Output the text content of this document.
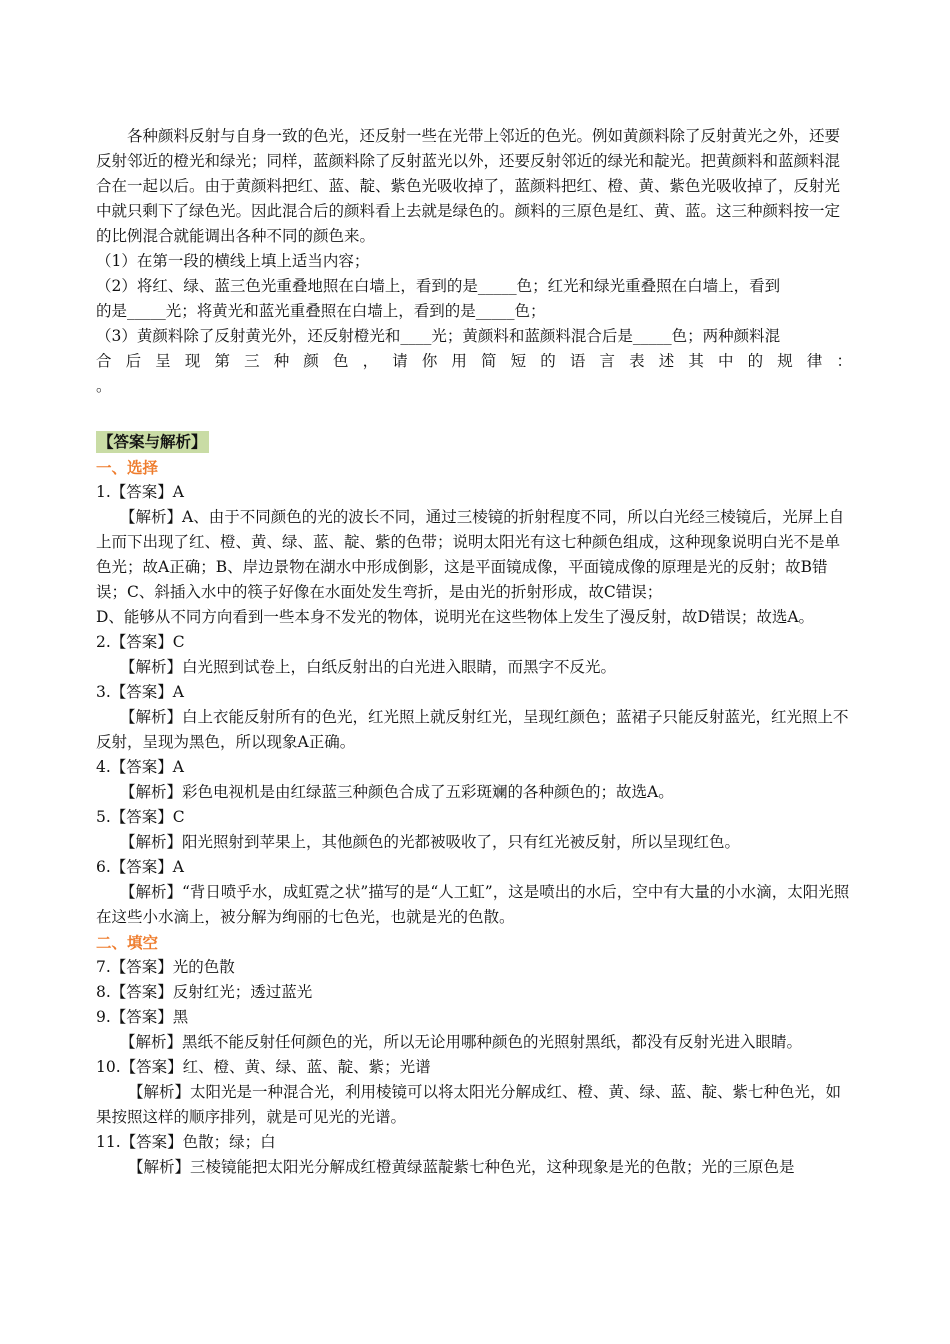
各种颜料反射与自身一致的色光，还反射一些在光带上邻近的色光。例如黄颜料除了反射黄光之外，还要反射邻近的橙光和绿光；同样，蓝颜料除了反射蓝光以外，还要反射邻近的绿光和靛光。把黄颜料和蓝颜料混合在一起以后。由于黄颜料把红、蓝、靛、紫色光吸收掉了，蓝颜料把红、橙、黄、紫色光吸收掉了，反射光中就只剩下了绿色光。因此混合后的颜料看上去就是绿色的。颜料的三原色是红、黄、蓝。这三种颜料按一定的比例混合就能调出各种不同的颜色来。

（1）在第一段的横线上填上适当内容；

（2）将红、绿、蓝三色光重叠地照在白墙上，看到的是_____色；红光和绿光重叠照在白墙上，看到

的是_____光；将黄光和蓝光重叠照在白墙上，看到的是_____色；

（3）黄颜料除了反射黄光外，还反射橙光和____光；黄颜料和蓝颜料混合后是_____色；两种颜料混

合后呈现第三种颜色，请你用简短的语言表述其中的规律：

。

【答案与解析】

一、选择

1.【答案】A

【解析】A、由于不同颜色的光的波长不同，通过三棱镜的折射程度不同，所以白光经三棱镜后，光屏上自上而下出现了红、橙、黄、绿、蓝、靛、紫的色带；说明太阳光有这七种颜色组成，这种现象说明白光不是单色光；故A正确；B、岸边景物在湖水中形成倒影，这是平面镜成像，平面镜成像的原理是光的反射；故B错误；C、斜插入水中的筷子好像在水面处发生弯折，是由光的折射形成，故C错误；

D、能够从不同方向看到一些本身不发光的物体，说明光在这些物体上发生了漫反射，故D错误；故选A。

2.【答案】C

【解析】白光照到试卷上，白纸反射出的白光进入眼睛，而黑字不反光。

3.【答案】A

【解析】白上衣能反射所有的色光，红光照上就反射红光，呈现红颜色；蓝裙子只能反射蓝光，红光照上不反射，呈现为黑色，所以现象A正确。

4.【答案】A

【解析】彩色电视机是由红绿蓝三种颜色合成了五彩斑斓的各种颜色的；故选A。

5.【答案】C

【解析】阳光照射到苹果上，其他颜色的光都被吸收了，只有红光被反射，所以呈现红色。

6.【答案】A

【解析】“背日喷乎水，成虹霓之状”描写的是“人工虹”，这是喷出的水后，空中有大量的小水滴，太阳光照在这些小水滴上，被分解为绚丽的七色光，也就是光的色散。

二、填空

7.【答案】光的色散

8.【答案】反射红光；透过蓝光

9.【答案】黑

【解析】黑纸不能反射任何颜色的光，所以无论用哪种颜色的光照射黑纸，都没有反射光进入眼睛。

10.【答案】红、橙、黄、绿、蓝、靛、紫；光谱

【解析】太阳光是一种混合光，利用棱镜可以将太阳光分解成红、橙、黄、绿、蓝、靛、紫七种色光，如果按照这样的顺序排列，就是可见光的光谱。

11.【答案】色散；绿；白

【解析】三棱镜能把太阳光分解成红橙黄绿蓝靛紫七种色光，这种现象是光的色散；光的三原色是
